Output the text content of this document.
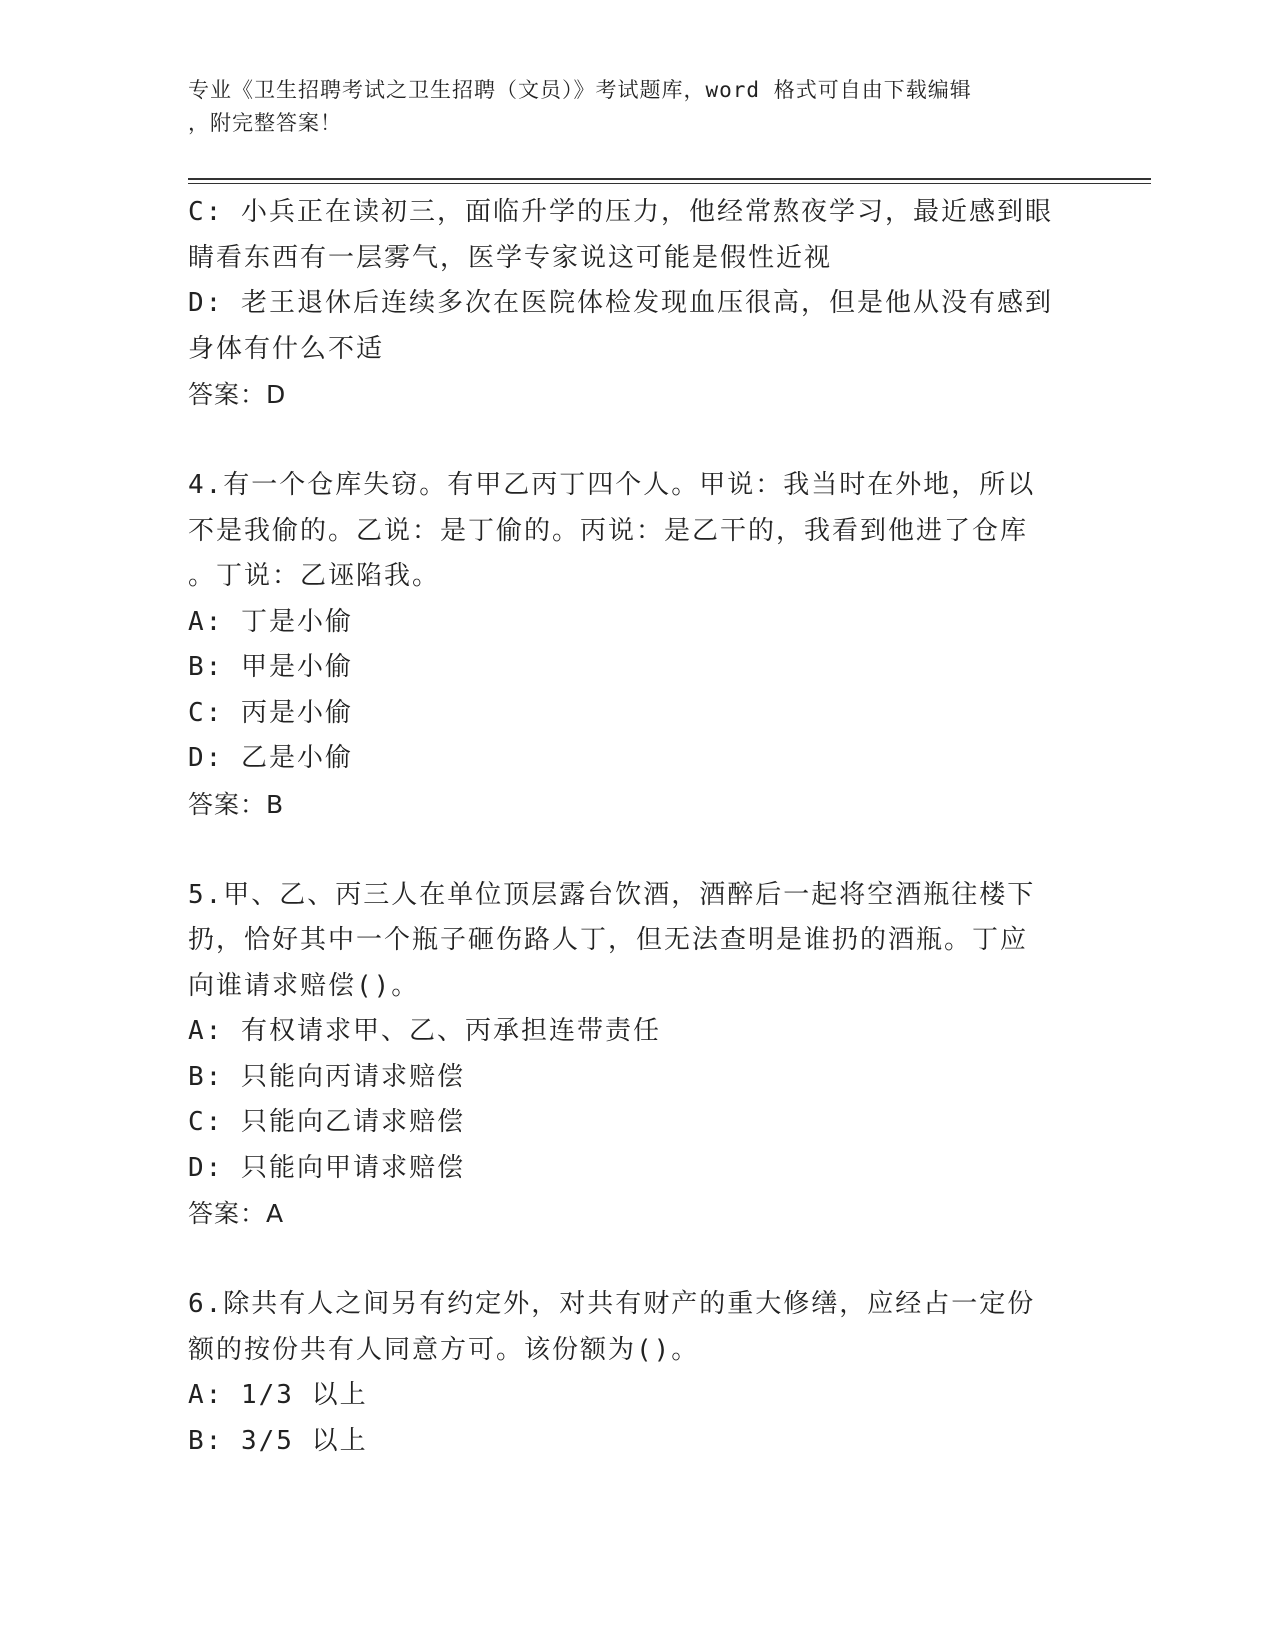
专业《卫生招聘考试之卫生招聘（文员）》考试题库，word 格式可自由下载编辑
，附完整答案！
C: 小兵正在读初三，面临升学的压力，他经常熬夜学习，最近感到眼
睛看东西有一层雾气，医学专家说这可能是假性近视
D: 老王退休后连续多次在医院体检发现血压很高，但是他从没有感到
身体有什么不适
答案：D
4.有一个仓库失窃。有甲乙丙丁四个人。甲说：我当时在外地，所以
不是我偷的。乙说：是丁偷的。丙说：是乙干的，我看到他进了仓库
。丁说：乙诬陷我。
A: 丁是小偷
B: 甲是小偷
C: 丙是小偷
D: 乙是小偷
答案：B
5.甲、乙、丙三人在单位顶层露台饮酒，酒醉后一起将空酒瓶往楼下
扔，恰好其中一个瓶子砸伤路人丁，但无法查明是谁扔的酒瓶。丁应
向谁请求赔偿()。
A: 有权请求甲、乙、丙承担连带责任
B: 只能向丙请求赔偿
C: 只能向乙请求赔偿
D: 只能向甲请求赔偿
答案：A
6.除共有人之间另有约定外，对共有财产的重大修缮，应经占一定份
额的按份共有人同意方可。该份额为()。
A: 1/3 以上
B: 3/5 以上
